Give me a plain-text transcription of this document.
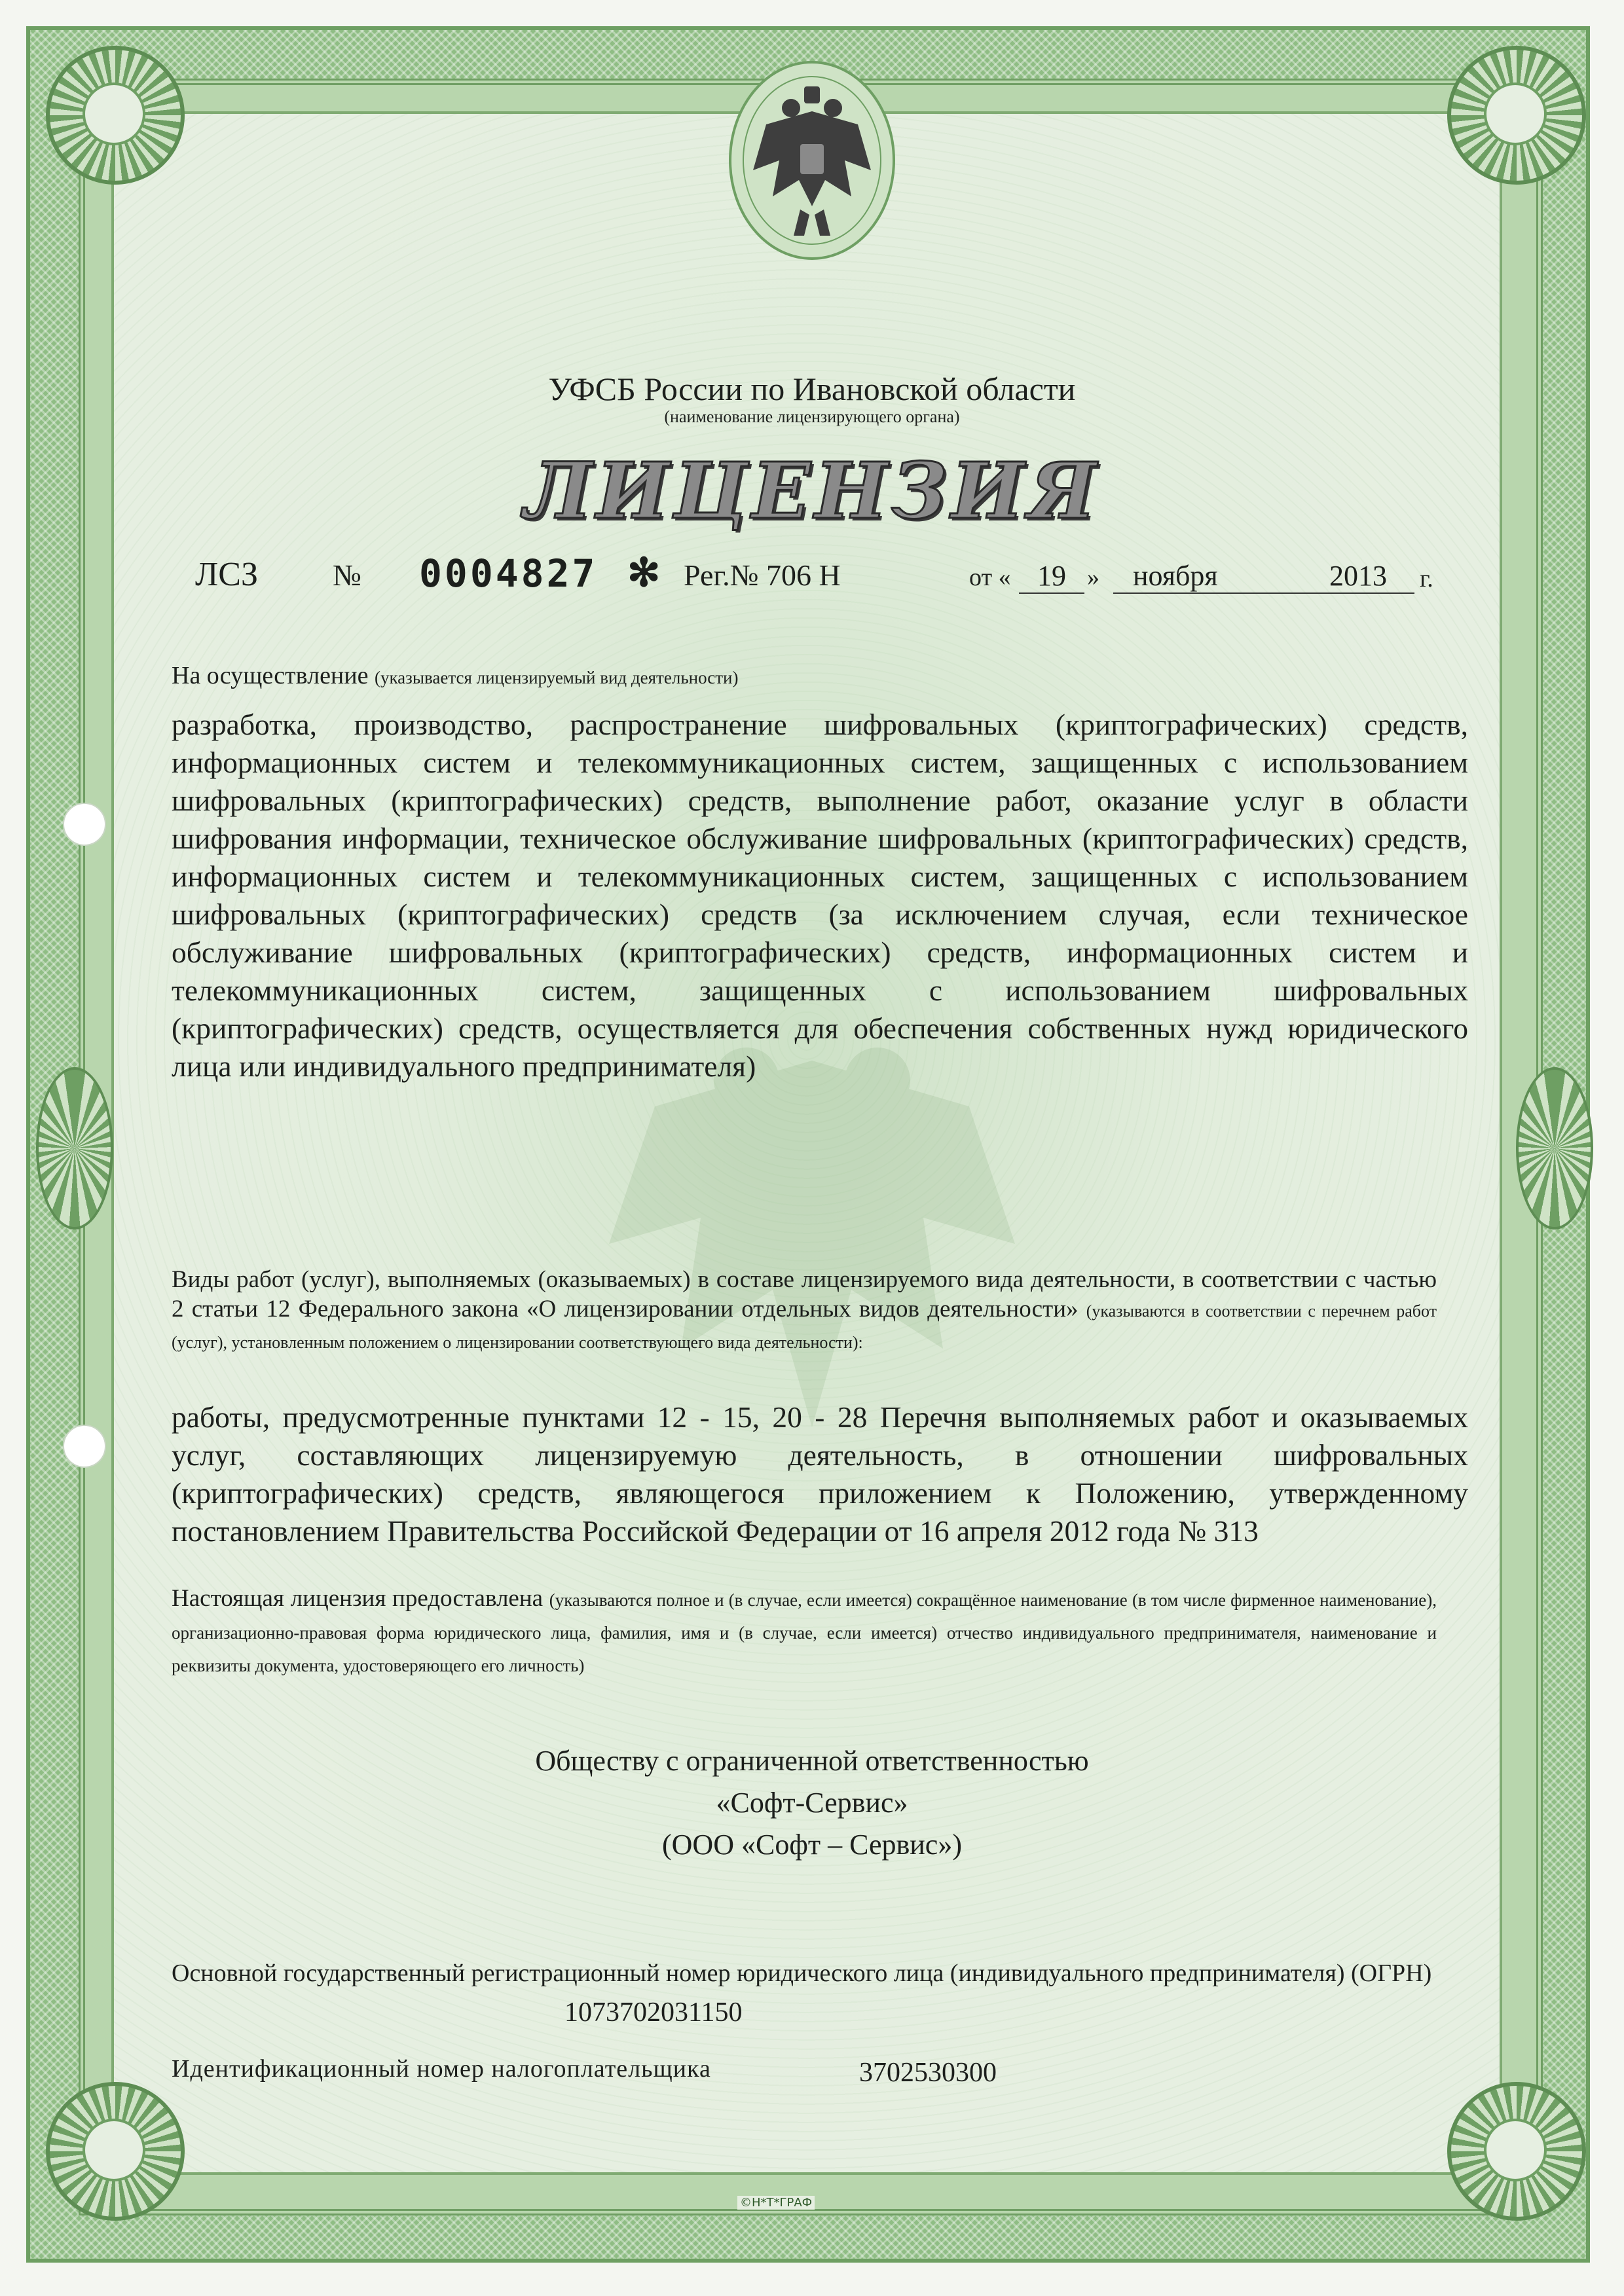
УФСБ России по Ивановской области
(наименование лицензирующего органа)
ЛИЦЕНЗИЯ
ЛСЗ № 0004827 ✻ Рег.№ 706 Н	от « 19 »	ноября	2013 г.
На осуществление (указывается лицензируемый вид деятельности)
разработка, производство, распространение шифровальных (криптографических) средств, информационных систем и телекоммуникационных систем, защищенных с использованием шифровальных (криптографических) средств, выполнение работ, оказание услуг в области шифрования информации, техническое обслуживание шифровальных (криптографических) средств, информационных систем и телекоммуникационных систем, защищенных с использованием шифровальных (криптографических) средств (за исключением случая, если техническое обслуживание шифровальных (криптографических) средств, информационных систем и телекоммуникационных систем, защищенных с использованием шифровальных (криптографических) средств, осуществляется для обеспечения собственных нужд юридического лица или индивидуального предпринимателя)
Виды работ (услуг), выполняемых (оказываемых) в составе лицензируемого вида деятельности, в соответствии с частью 2 статьи 12 Федерального закона «О лицензировании отдельных видов деятельности» (указываются в соответствии с перечнем работ (услуг), установленным положением о лицензировании соответствующего вида деятельности):
работы, предусмотренные пунктами 12 - 15, 20 - 28 Перечня выполняемых работ и оказываемых услуг, составляющих лицензируемую деятельность, в отношении шифровальных (криптографических) средств, являющегося приложением к Положению, утвержденному постановлением Правительства Российской Федерации от 16 апреля 2012 года № 313
Настоящая лицензия предоставлена (указываются полное и (в случае, если имеется) сокращённое наименование (в том числе фирменное наименование), организационно-правовая форма юридического лица, фамилия, имя и (в случае, если имеется) отчество индивидуального предпринимателя, наименование и реквизиты документа, удостоверяющего его личность)
Обществу с ограниченной ответственностью
«Софт-Сервис»
(ООО «Софт – Сервис»)
Основной государственный регистрационный номер юридического лица (индивидуального предпринимателя) (ОГРН)
1073702031150
Идентификационный номер налогоплательщика	3702530300
©Н*Т*ГРАФ
